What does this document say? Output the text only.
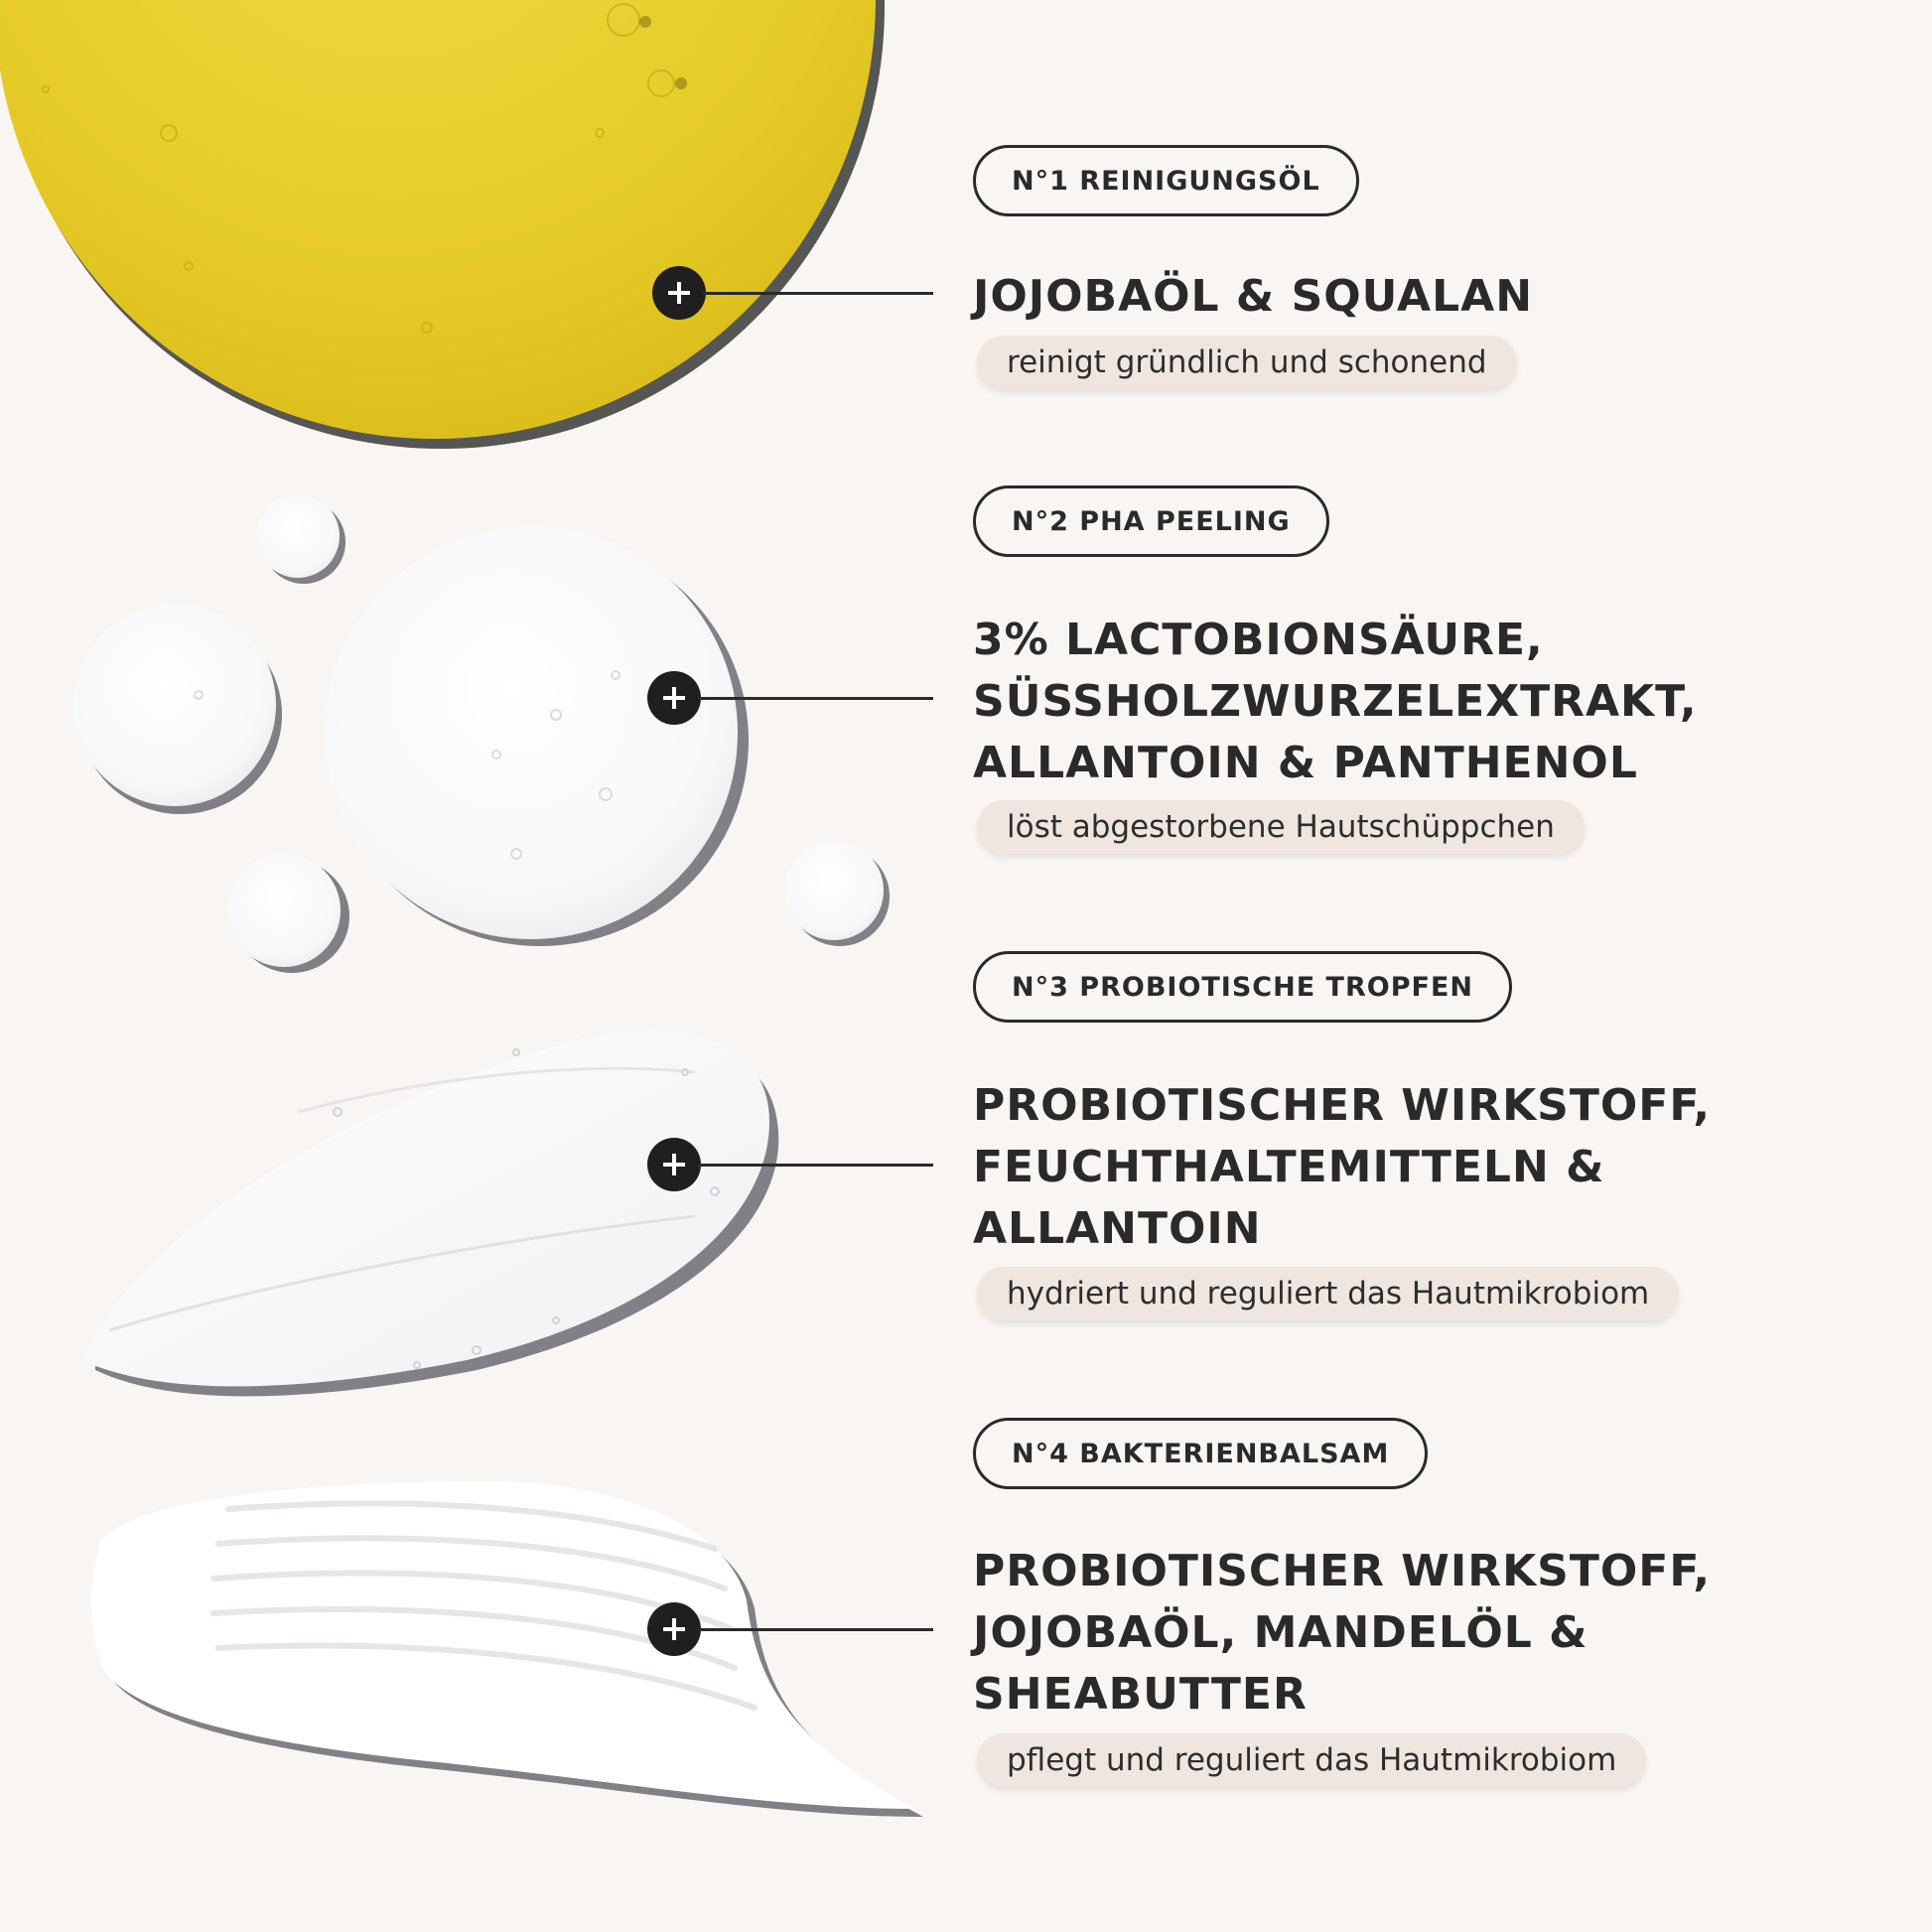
N°1 REINIGUNGSÖL
JOJOBAÖL & SQUALAN
reinigt gründlich und schonend
N°2 PHA PEELING
3% LACTOBIONSÄURE,
SÜSSHOLZWURZELEXTRAKT,
ALLANTOIN & PANTHENOL
löst abgestorbene Hautschüppchen
N°3 PROBIOTISCHE TROPFEN
PROBIOTISCHER WIRKSTOFF,
FEUCHTHALTEMITTELN &
ALLANTOIN
hydriert und reguliert das Hautmikrobiom
N°4 BAKTERIENBALSAM
PROBIOTISCHER WIRKSTOFF,
JOJOBAÖL, MANDELÖL &
SHEABUTTER
pflegt und reguliert das Hautmikrobiom
